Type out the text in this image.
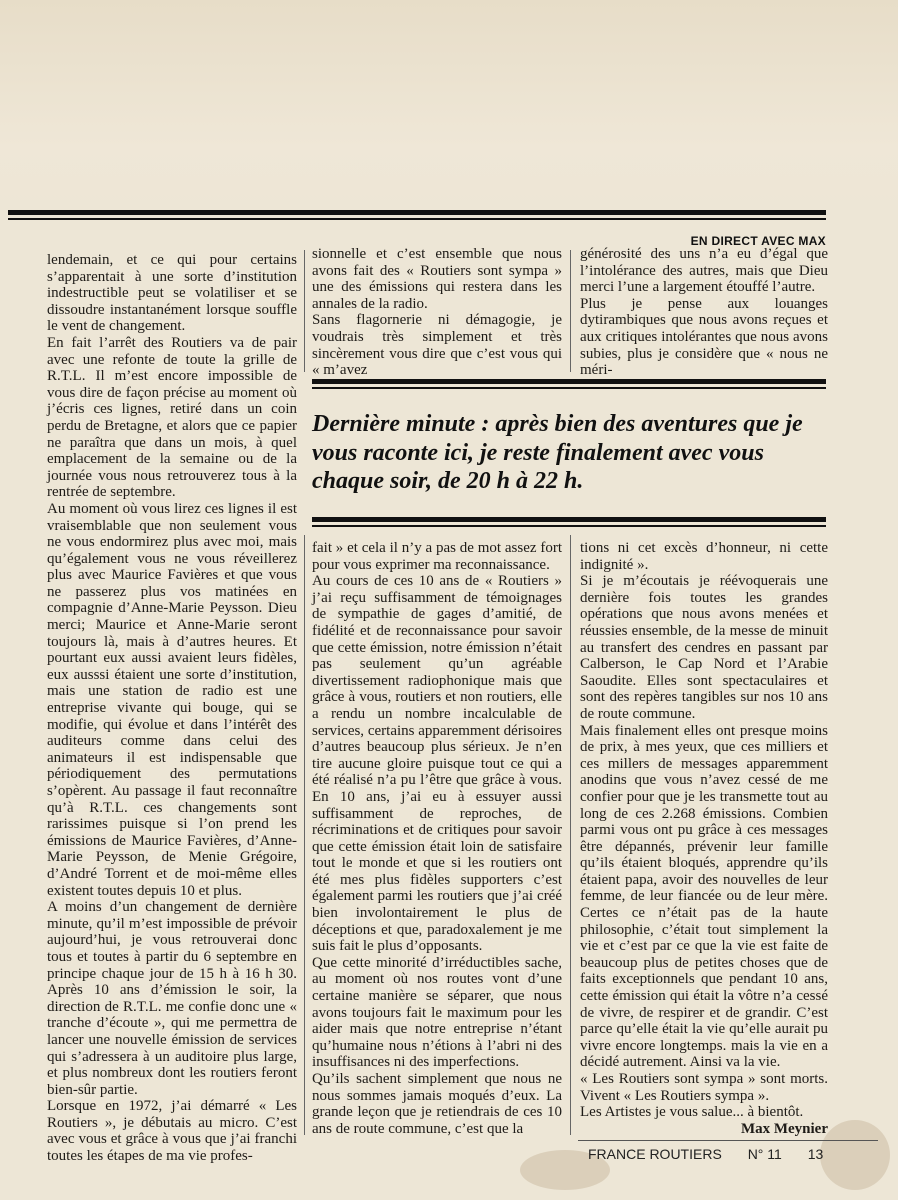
EN DIRECT AVEC MAX

lendemain, et ce qui pour certains s’apparentait à une sorte d’institution indestructible peut se volatiliser et se dissoudre instantanément lorsque souffle le vent de changement.

En fait l’arrêt des Routiers va de pair avec une refonte de toute la grille de R.T.L. Il m’est encore impossible de vous dire de façon précise au moment où j’écris ces lignes, retiré dans un coin perdu de Bretagne, et alors que ce papier ne paraîtra que dans un mois, à quel emplacement de la semaine ou de la journée vous nous retrouverez tous à la rentrée de septembre.

Au moment où vous lirez ces lignes il est vraisemblable que non seulement vous ne vous endormirez plus avec moi, mais qu’également vous ne vous réveillerez plus avec Maurice Favières et que vous ne passerez plus vos matinées en compagnie d’Anne-Marie Peysson. Dieu merci; Maurice et Anne-Marie seront toujours là, mais à d’autres heures. Et pourtant eux aussi avaient leurs fidèles, eux ausssi étaient une sorte d’institution, mais une station de radio est une entreprise vivante qui bouge, qui se modifie, qui évolue et dans l’intérêt des auditeurs comme dans celui des animateurs il est indispensable que périodiquement des permutations s’opèrent. Au passage il faut reconnaître qu’à R.T.L. ces changements sont rarissimes puisque si l’on prend les émissions de Maurice Favières, d’Anne-Marie Peysson, de Menie Grégoire, d’André Torrent et de moi-même elles existent toutes depuis 10 et plus.

A moins d’un changement de dernière minute, qu’il m’est impossible de prévoir aujourd’hui, je vous retrouverai donc tous et toutes à partir du 6 septembre en principe chaque jour de 15 h à 16 h 30. Après 10 ans d’émission le soir, la direction de R.T.L. me confie donc une « tranche d’écoute », qui me permettra de lancer une nouvelle émission de services qui s’adressera à un auditoire plus large, et plus nombreux dont les routiers feront bien-sûr partie.

Lorsque en 1972, j’ai démarré « Les Routiers », je débutais au micro. C’est avec vous et grâce à vous que j’ai franchi toutes les étapes de ma vie profes-

sionnelle et c’est ensemble que nous avons fait des « Routiers sont sympa » une des émissions qui restera dans les annales de la radio.

Sans flagornerie ni démagogie, je voudrais très simplement et très sincèrement vous dire que c’est vous qui « m’avez

générosité des uns n’a eu d’égal que l’intolérance des autres, mais que Dieu merci l’une a largement étouffé l’autre.

Plus je pense aux louanges dytirambiques que nous avons reçues et aux critiques intolérantes que nous avons subies, plus je considère que « nous ne méri-

Dernière minute : après bien des aventures que je vous raconte ici, je reste finalement avec vous chaque soir, de 20 h à 22 h.

fait » et cela il n’y a pas de mot assez fort pour vous exprimer ma reconnaissance.

Au cours de ces 10 ans de « Routiers » j’ai reçu suffisamment de témoignages de sympathie de gages d’amitié, de fidélité et de reconnaissance pour savoir que cette émission, notre émission n’était pas seulement qu’un agréable divertissement radiophonique mais que grâce à vous, routiers et non routiers, elle a rendu un nombre incalculable de services, certains apparemment dérisoires d’autres beaucoup plus sérieux. Je n’en tire aucune gloire puisque tout ce qui a été réalisé n’a pu l’être que grâce à vous. En 10 ans, j’ai eu à essuyer aussi suffisamment de reproches, de récriminations et de critiques pour savoir que cette émission était loin de satisfaire tout le monde et que si les routiers ont été mes plus fidèles supporters c’est également parmi les routiers que j’ai créé bien involontairement le plus de déceptions et que, paradoxalement je me suis fait le plus d’opposants.

Que cette minorité d’irréductibles sache, au moment où nos routes vont d’une certaine manière se séparer, que nous avons toujours fait le maximum pour les aider mais que notre entreprise n’étant qu’humaine nous n’étions à l’abri ni des insuffisances ni des imperfections.

Qu’ils sachent simplement que nous ne nous sommes jamais moqués d’eux. La grande leçon que je retiendrais de ces 10 ans de route commune, c’est que la

tions ni cet excès d’honneur, ni cette indignité ».

Si je m’écoutais je réévoquerais une dernière fois toutes les grandes opérations que nous avons menées et réussies ensemble, de la messe de minuit au transfert des cendres en passant par Calberson, le Cap Nord et l’Arabie Saoudite. Elles sont spectaculaires et sont des repères tangibles sur nos 10 ans de route commune.

Mais finalement elles ont presque moins de prix, à mes yeux, que ces milliers et ces millers de messages apparemment anodins que vous n’avez cessé de me confier pour que je les transmette tout au long de ces 2.268 émissions. Combien parmi vous ont pu grâce à ces messages être dépannés, prévenir leur famille qu’ils étaient bloqués, apprendre qu’ils étaient papa, avoir des nouvelles de leur femme, de leur fiancée ou de leur mère. Certes ce n’était pas de la haute philosophie, c’était tout simplement la vie et c’est par ce que la vie est faite de beaucoup plus de petites choses que de faits exceptionnels que pendant 10 ans, cette émission qui était la vôtre n’a cessé de vivre, de respirer et de grandir. C’est parce qu’elle était la vie qu’elle aurait pu vivre encore longtemps. mais la vie en a décidé autrement. Ainsi va la vie.

« Les Routiers sont sympa » sont morts. Vivent « Les Routiers sympa ».

Les Artistes je vous salue... à bientôt.

Max Meynier

FRANCE ROUTIERS N° 11 13
